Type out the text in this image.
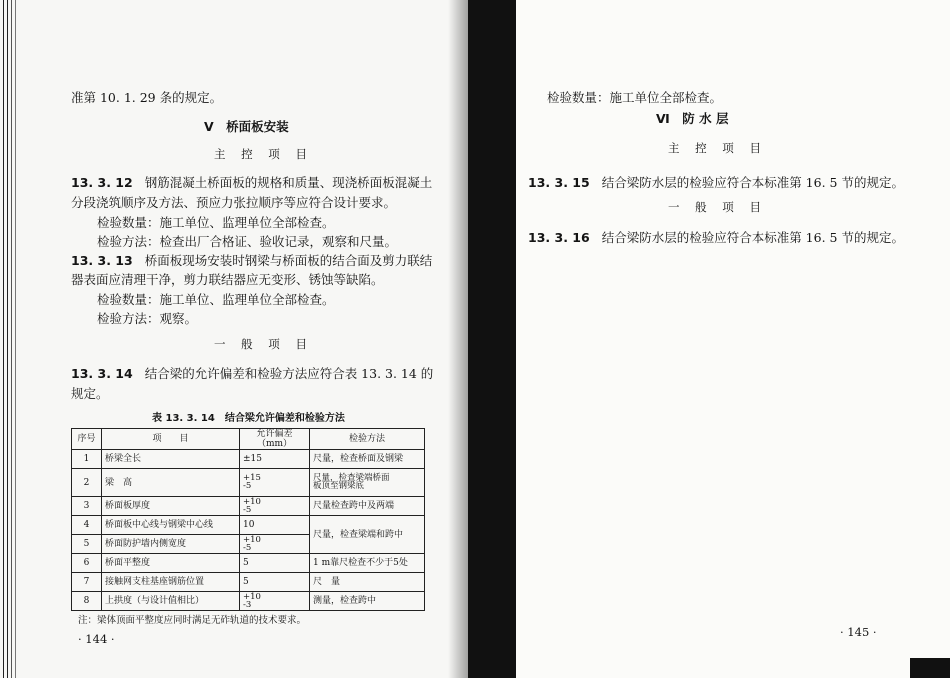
准第 10. 1. 29 条的规定。
Ⅴ　桥面板安装
主 控 项 目
13. 3. 12 钢筋混凝土桥面板的规格和质量、现浇桥面板混凝土
分段浇筑顺序及方法、预应力张拉顺序等应符合设计要求。
检验数量：施工单位、监理单位全部检查。
检验方法：检查出厂合格证、验收记录，观察和尺量。
13. 3. 13 桥面板现场安装时钢梁与桥面板的结合面及剪力联结
器表面应清理干净，剪力联结器应无变形、锈蚀等缺陷。
检验数量：施工单位、监理单位全部检查。
检验方法：观察。
一 般 项 目
13. 3. 14 结合梁的允许偏差和检验方法应符合表 13. 3. 14 的
规定。
表 13. 3. 14　结合梁允许偏差和检验方法
序号	项　　目	允许偏差（mm）	检验方法
1	桥梁全长	±15	尺量，检查桥面及钢梁
2	梁　高	+15
-5	尺量，检查梁端桥面
板顶至钢梁底

3	桥面板厚度	+10
-5	尺量检查跨中及两端
4	桥面板中心线与钢梁中心线	10	尺量，检查梁端和跨中
5	桥面防护墙内侧宽度	+10
-5	

6	桥面平整度	5	1 m靠尺检查不少于5处
7	接触网支柱基座钢筋位置	5	尺　量
8	上拱度（与设计值相比）	+10
-3	测量，检查跨中
注：梁体顶面平整度应同时满足无砟轨道的技术要求。
· 144 ·
检验数量：施工单位全部检查。
Ⅵ　防 水 层
主 控 项 目
13. 3. 15 结合梁防水层的检验应符合本标准第 16. 5 节的规定。
一 般 项 目
13. 3. 16 结合梁防水层的检验应符合本标准第 16. 5 节的规定。
· 145 ·
